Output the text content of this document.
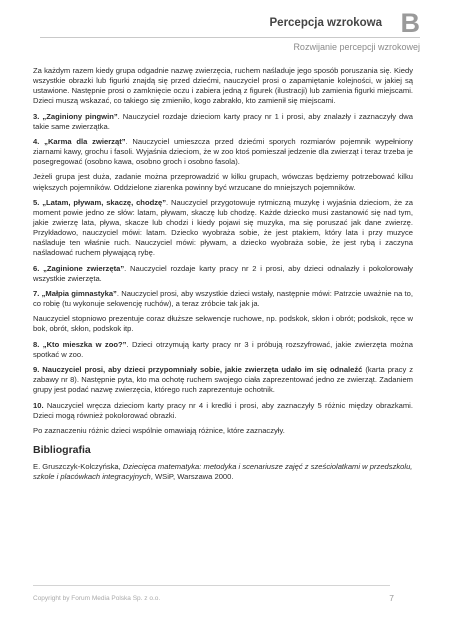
Percepcja wzrokowa B
Rozwijanie percepcji wzrokowej

Za każdym razem kiedy grupa odgadnie nazwę zwierzęcia, ruchem naśladuje jego sposób poruszania się. Kiedy wszystkie obrazki lub figurki znajdą się przed dziećmi, nauczyciel prosi o zapamiętanie kolejności, w jakiej są ustawione. Następnie prosi o zamknięcie oczu i zabiera jedną z figurek (ilustracji) lub zamienia figurki miejscami. Dzieci muszą wskazać, co takiego się zmieniło, kogo zabrakło, kto zamienił się miejscami.

3. „Zaginiony pingwin”. Nauczyciel rozdaje dzieciom karty pracy nr 1 i prosi, aby znalazły i zaznaczyły dwa takie same zwierzątka.

4. „Karma dla zwierząt”. Nauczyciel umieszcza przed dziećmi sporych rozmiarów pojemnik wypełniony ziarnami kawy, grochu i fasoli. Wyjaśnia dzieciom, że w zoo ktoś pomieszał jedzenie dla zwierząt i teraz trzeba je posegregować (osobno kawa, osobno groch i osobno fasola).

Jeżeli grupa jest duża, zadanie można przeprowadzić w kilku grupach, wówczas będziemy potrzebować kilku większych pojemników. Oddzielone ziarenka powinny być wrzucane do mniejszych pojemników.

5. „Latam, pływam, skaczę, chodzę”. Nauczyciel przygotowuje rytmiczną muzykę i wyjaśnia dzieciom, że za moment powie jedno ze słów: latam, pływam, skaczę lub chodzę. Każde dziecko musi zastanowić się nad tym, jakie zwierzę lata, pływa, skacze lub chodzi i kiedy pojawi się muzyka, ma się poruszać jak dane zwierzę. Przykładowo, nauczyciel mówi: latam. Dziecko wyobraża sobie, że jest ptakiem, który lata i przy muzyce naśladuje ten właśnie ruch. Nauczyciel mówi: pływam, a dziecko wyobraża sobie, że jest rybą i zaczyna naśladować ruchem pływającą rybę.

6. „Zaginione zwierzęta”. Nauczyciel rozdaje karty pracy nr 2 i prosi, aby dzieci odnalazły i pokolorowały wszystkie zwierzęta.

7. „Małpia gimnastyka”. Nauczyciel prosi, aby wszystkie dzieci wstały, następnie mówi: Patrzcie uważnie na to, co robię (tu wykonuje sekwencję ruchów), a teraz zróbcie tak jak ja.

Nauczyciel stopniowo prezentuje coraz dłuższe sekwencje ruchowe, np. podskok, skłon i obrót; podskok, ręce w bok, obrót, skłon, podskok itp.

8. „Kto mieszka w zoo?”. Dzieci otrzymują karty pracy nr 3 i próbują rozszyfrować, jakie zwierzęta można spotkać w zoo.

9. Nauczyciel prosi, aby dzieci przypomniały sobie, jakie zwierzęta udało im się odnaleźć (karta pracy z zabawy nr 8). Następnie pyta, kto ma ochotę ruchem swojego ciała zaprezentować jedno ze zwierząt. Zadaniem grupy jest podać nazwę zwierzęcia, którego ruch zaprezentuje ochotnik.

10. Nauczyciel wręcza dzieciom karty pracy nr 4 i kredki i prosi, aby zaznaczyły 5 różnic między obrazkami. Dzieci mogą również pokolorować obrazki.

Po zaznaczeniu różnic dzieci wspólnie omawiają różnice, które zaznaczyły.

Bibliografia

E. Gruszczyk-Kolczyńska, Dziecięca matematyka: metodyka i scenariusze zajęć z sześciolatkami w przedszkolu, szkole i placówkach integracyjnych, WSiP, Warszawa 2000.

Copyright by Forum Media Polska Sp. z o.o.	7
